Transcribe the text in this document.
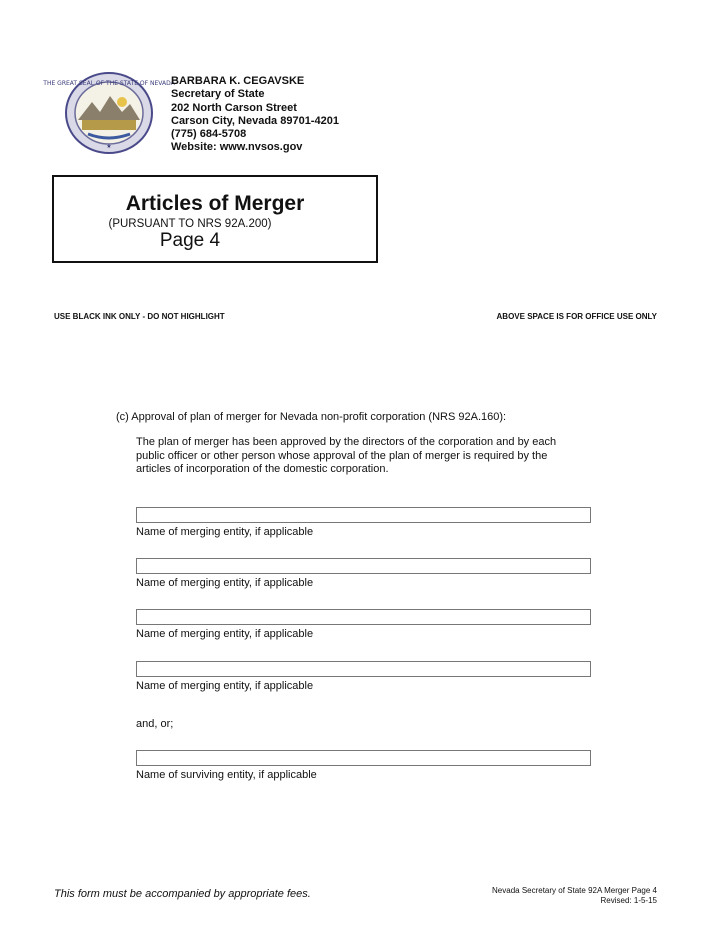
THE GREAT SEAL OF THE STATE OF NEVADA
★
BARBARA K. CEGAVSKE
Secretary of State
202 North Carson Street
Carson City, Nevada 89701-4201
(775) 684-5708
Website: www.nvsos.gov
Articles of Merger
(PURSUANT TO NRS 92A.200)
Page 4
USE BLACK INK ONLY - DO NOT HIGHLIGHT	ABOVE SPACE IS FOR OFFICE USE ONLY
(c) Approval of plan of merger for Nevada non-profit corporation (NRS 92A.160):
The plan of merger has been approved by the directors of the corporation and by each
public officer or other person whose approval of the plan of merger is required by the
articles of incorporation of the domestic corporation.
Name of merging entity, if applicable
Name of merging entity, if applicable
Name of merging entity, if applicable
Name of merging entity, if applicable
and, or;
Name of surviving entity, if applicable
This form must be accompanied by appropriate fees.	Nevada Secretary of State 92A Merger Page 4
Revised: 1-5-15
